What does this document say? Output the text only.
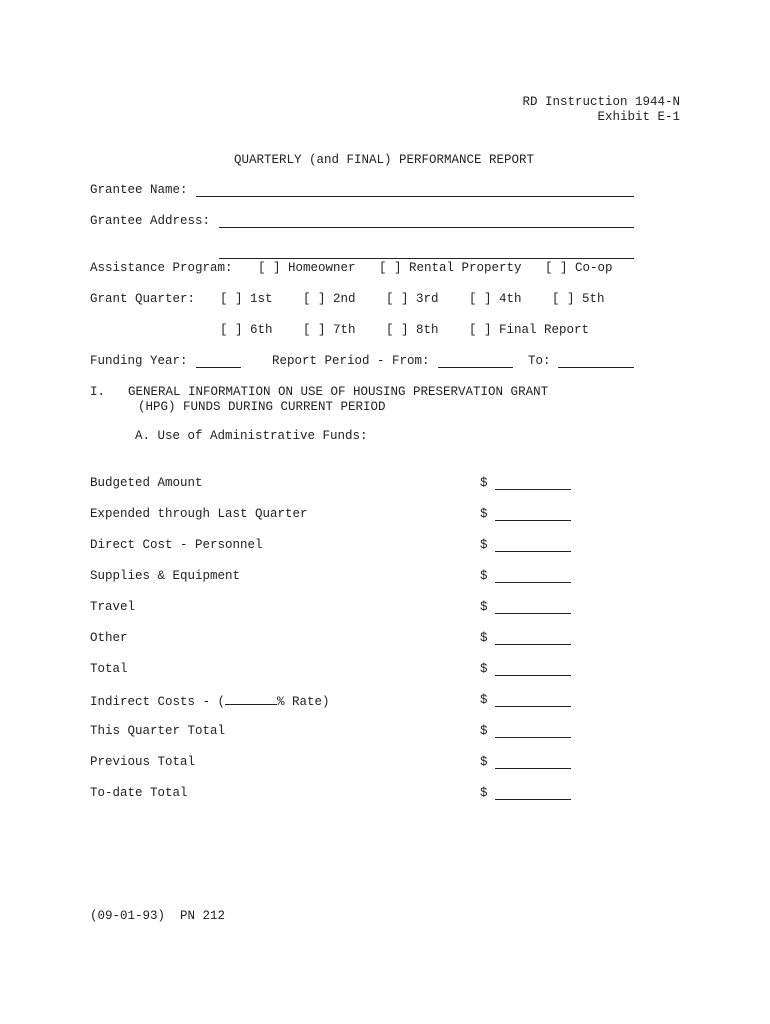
RD Instruction 1944-N
Exhibit E-1
QUARTERLY (and FINAL) PERFORMANCE REPORT
Grantee Name:
Grantee Address:
Assistance Program: [ ] Homeowner [ ] Rental Property [ ] Co-op
Grant Quarter: [ ] 1st [ ] 2nd [ ] 3rd [ ] 4th [ ] 5th
[ ] 6th [ ] 7th [ ] 8th [ ] Final Report
Funding Year:	Report Period - From:	To:
I. GENERAL INFORMATION ON USE OF HOUSING PRESERVATION GRANT
(HPG) FUNDS DURING CURRENT PERIOD
A. Use of Administrative Funds:
Budgeted Amount	$
Expended through Last Quarter	$
Direct Cost - Personnel	$
Supplies & Equipment	$
Travel	$
Other	$
Total	$
Indirect Costs - (	% Rate)	$
This Quarter Total	$
Previous Total	$
To-date Total	$
(09-01-93)  PN 212
